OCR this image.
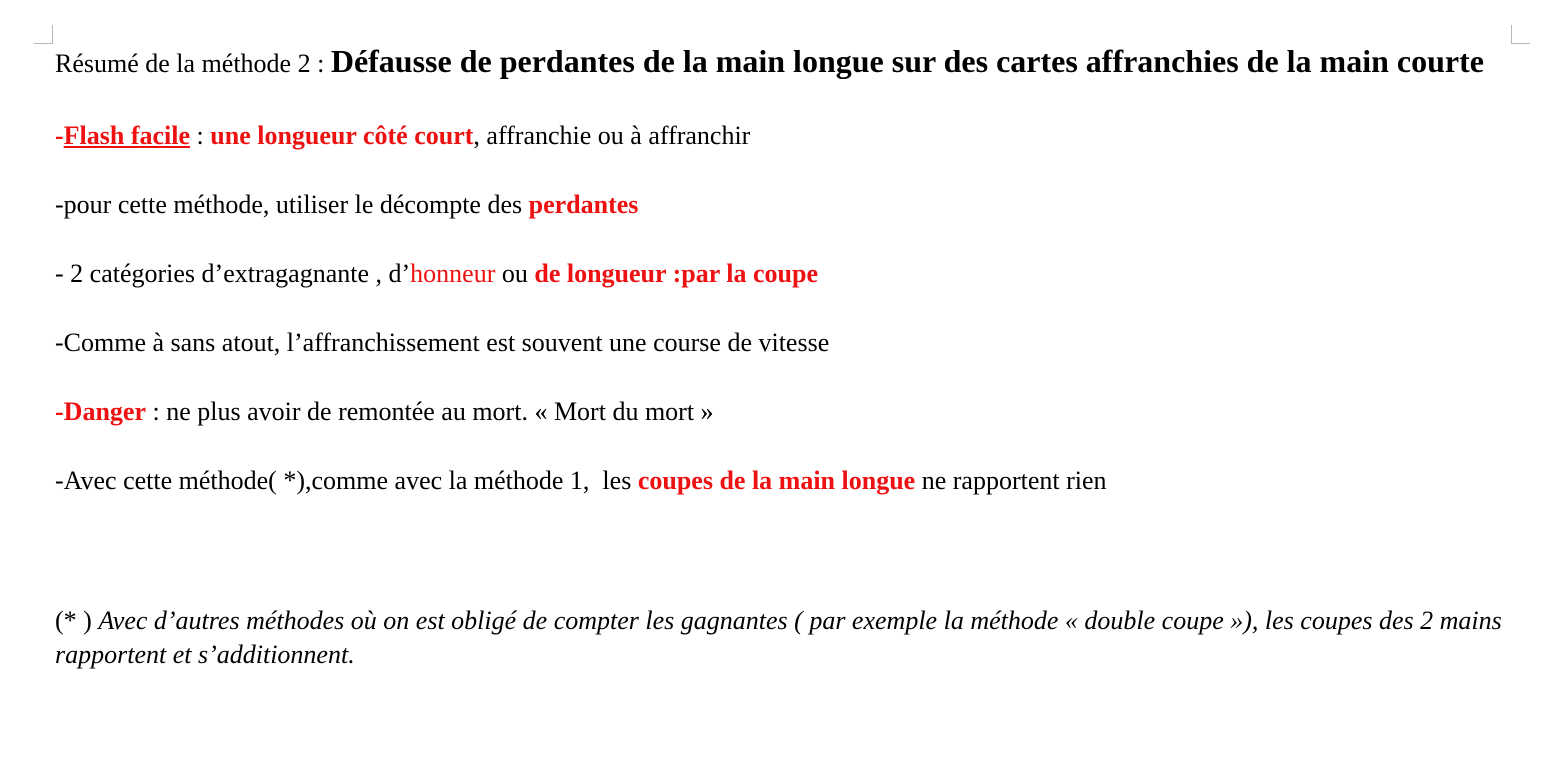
Résumé de la méthode 2 : Défausse de perdantes de la main longue sur des cartes affranchies de la main courte

-Flash facile : une longueur côté court, affranchie ou à affranchir

-pour cette méthode, utiliser le décompte des perdantes

- 2 catégories d’extragagnante , d’honneur ou de longueur :par la coupe

-Comme à sans atout, l’affranchissement est souvent une course de vitesse

-Danger : ne plus avoir de remontée au mort. « Mort du mort »

-Avec cette méthode( *),comme avec la méthode 1,  les coupes de la main longue ne rapportent rien

(* ) Avec d’autres méthodes où on est obligé de compter les gagnantes ( par exemple la méthode « double coupe »), les coupes des 2 mains rapportent et s’additionnent.
